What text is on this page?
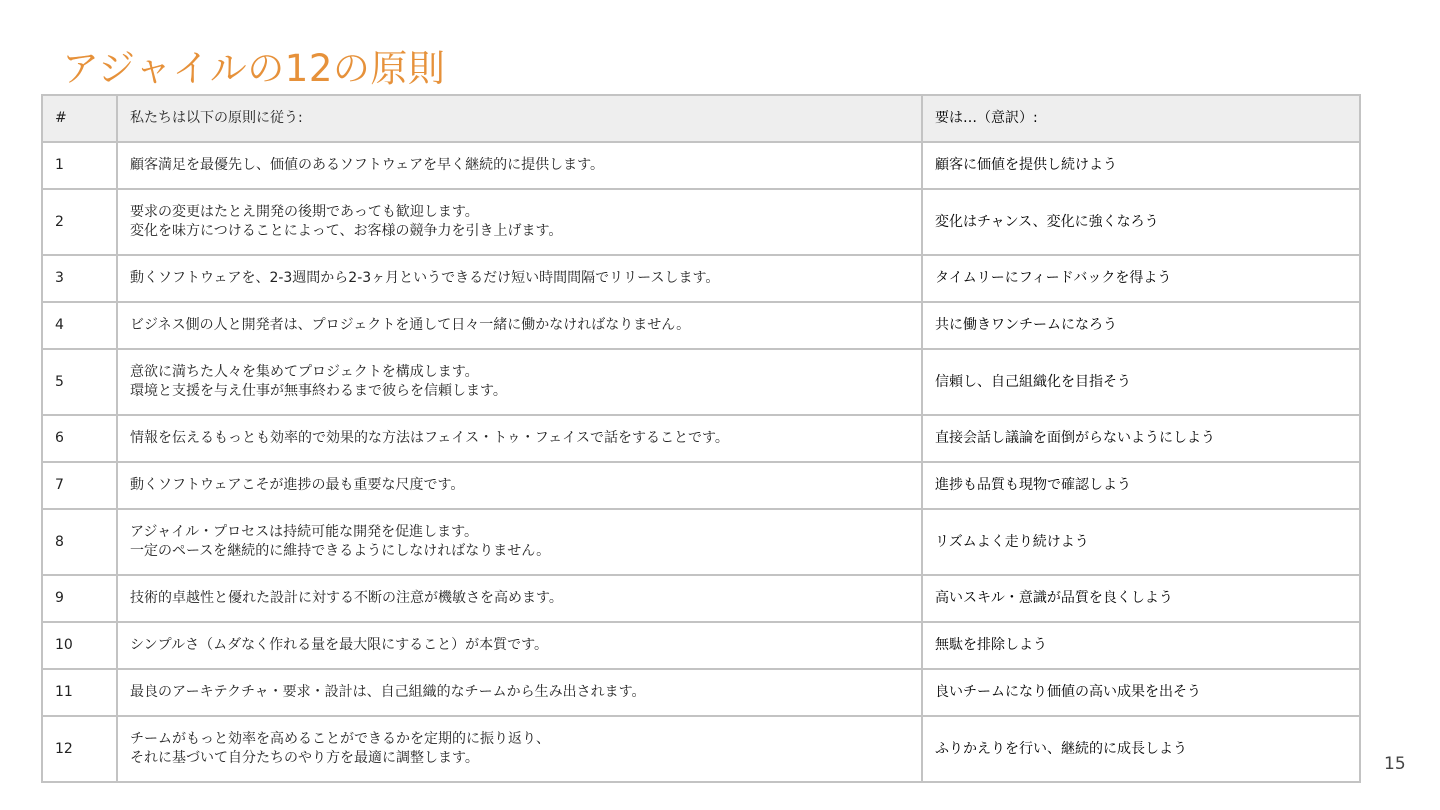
アジャイルの12の原則
#	私たちは以下の原則に従う:	要は…（意訳）:
1	顧客満足を最優先し、価値のあるソフトウェアを早く継続的に提供します。	顧客に価値を提供し続けよう
2	要求の変更はたとえ開発の後期であっても歓迎します。
変化を味方につけることによって、お客様の競争力を引き上げます。	変化はチャンス、変化に強くなろう
3	動くソフトウェアを、2-3週間から2-3ヶ月というできるだけ短い時間間隔でリリースします。	タイムリーにフィードバックを得よう
4	ビジネス側の人と開発者は、プロジェクトを通して日々一緒に働かなければなりません。	共に働きワンチームになろう
5	意欲に満ちた人々を集めてプロジェクトを構成します。
環境と支援を与え仕事が無事終わるまで彼らを信頼します。	信頼し、自己組織化を目指そう
6	情報を伝えるもっとも効率的で効果的な方法はフェイス・トゥ・フェイスで話をすることです。	直接会話し議論を面倒がらないようにしよう
7	動くソフトウェアこそが進捗の最も重要な尺度です。	進捗も品質も現物で確認しよう
8	アジャイル・プロセスは持続可能な開発を促進します。
一定のペースを継続的に維持できるようにしなければなりません。	リズムよく走り続けよう
9	技術的卓越性と優れた設計に対する不断の注意が機敏さを高めます。	高いスキル・意識が品質を良くしよう
10	シンプルさ（ムダなく作れる量を最大限にすること）が本質です。	無駄を排除しよう
11	最良のアーキテクチャ・要求・設計は、自己組織的なチームから生み出されます。	良いチームになり価値の高い成果を出そう
12	チームがもっと効率を高めることができるかを定期的に振り返り、
それに基づいて自分たちのやり方を最適に調整します。	ふりかえりを行い、継続的に成長しよう
15
